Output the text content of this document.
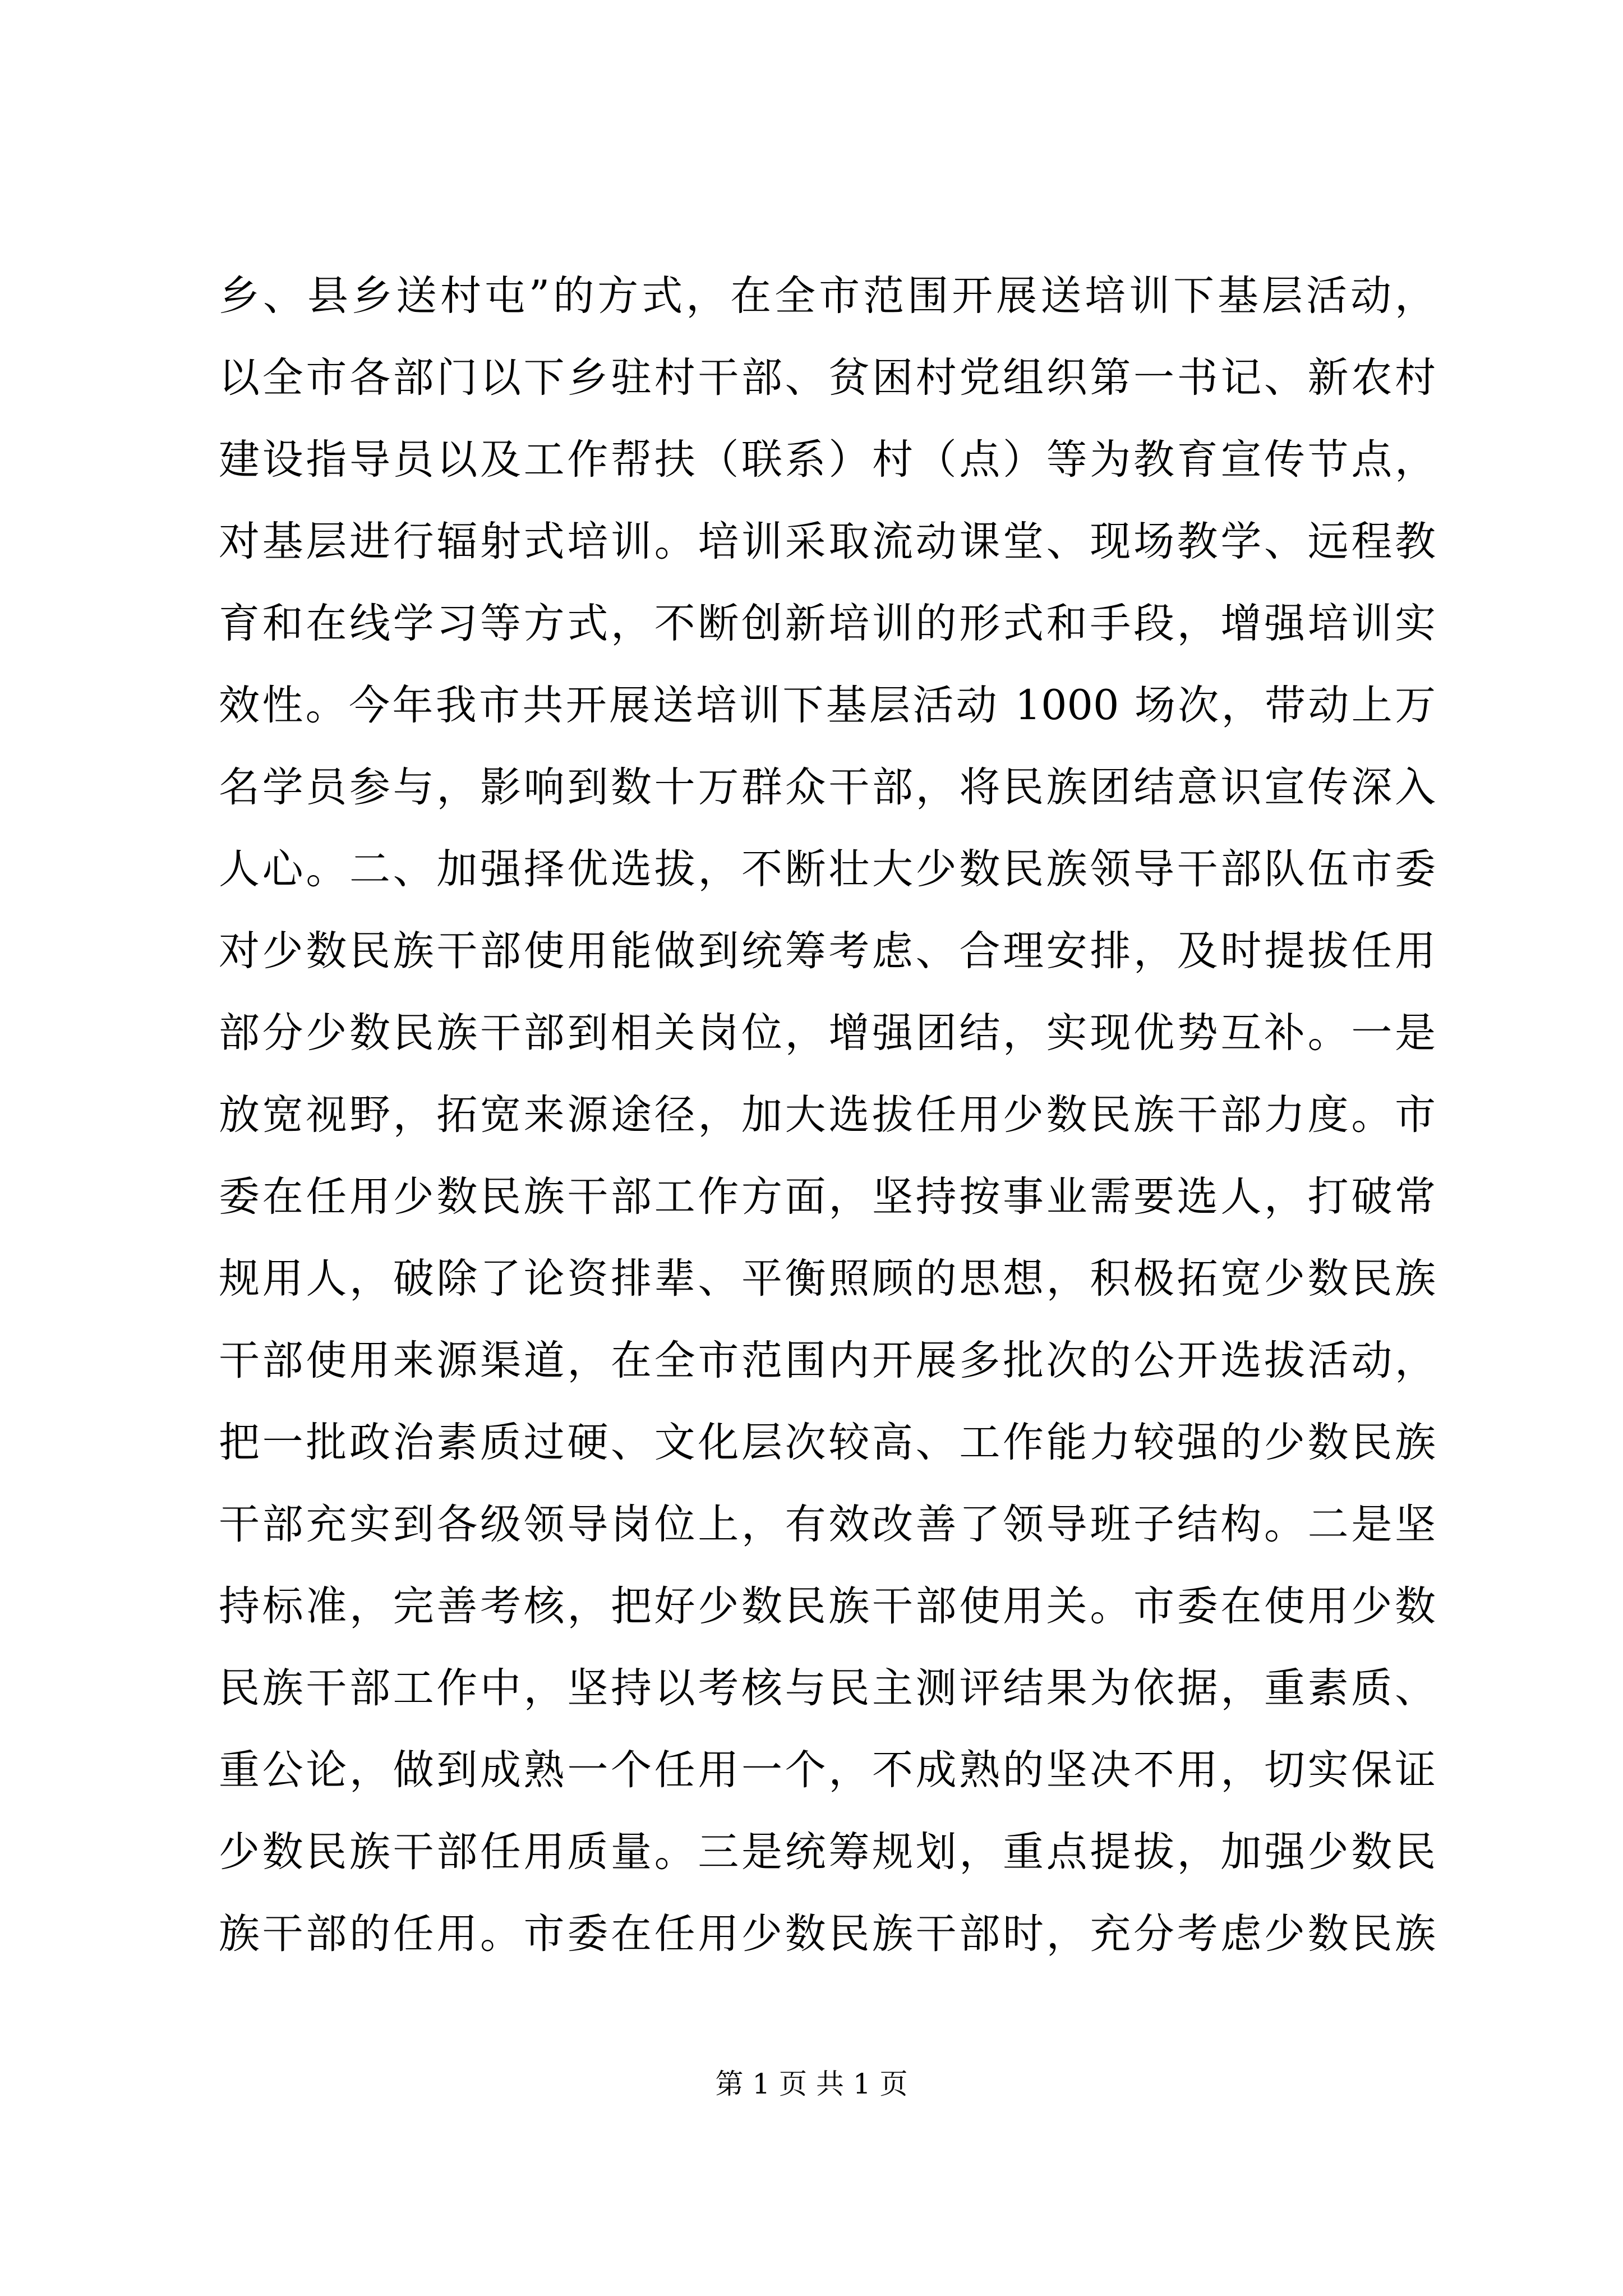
乡、县乡送村屯”的方式，在全市范围开展送培训下基层活动，
以全市各部门以下乡驻村干部、贫困村党组织第一书记、新农村
建设指导员以及工作帮扶（联系）村（点）等为教育宣传节点，
对基层进行辐射式培训。培训采取流动课堂、现场教学、远程教
育和在线学习等方式，不断创新培训的形式和手段，增强培训实
效性。今年我市共开展送培训下基层活动 1000 场次，带动上万
名学员参与，影响到数十万群众干部，将民族团结意识宣传深入
人心。二、加强择优选拔，不断壮大少数民族领导干部队伍市委
对少数民族干部使用能做到统筹考虑、合理安排，及时提拔任用
部分少数民族干部到相关岗位，增强团结，实现优势互补。一是
放宽视野，拓宽来源途径，加大选拔任用少数民族干部力度。市
委在任用少数民族干部工作方面，坚持按事业需要选人，打破常
规用人，破除了论资排辈、平衡照顾的思想，积极拓宽少数民族
干部使用来源渠道，在全市范围内开展多批次的公开选拔活动，
把一批政治素质过硬、文化层次较高、工作能力较强的少数民族
干部充实到各级领导岗位上，有效改善了领导班子结构。二是坚
持标准，完善考核，把好少数民族干部使用关。市委在使用少数
民族干部工作中，坚持以考核与民主测评结果为依据，重素质、
重公论，做到成熟一个任用一个，不成熟的坚决不用，切实保证
少数民族干部任用质量。三是统筹规划，重点提拔，加强少数民
族干部的任用。市委在任用少数民族干部时，充分考虑少数民族
第 1 页 共 1 页
